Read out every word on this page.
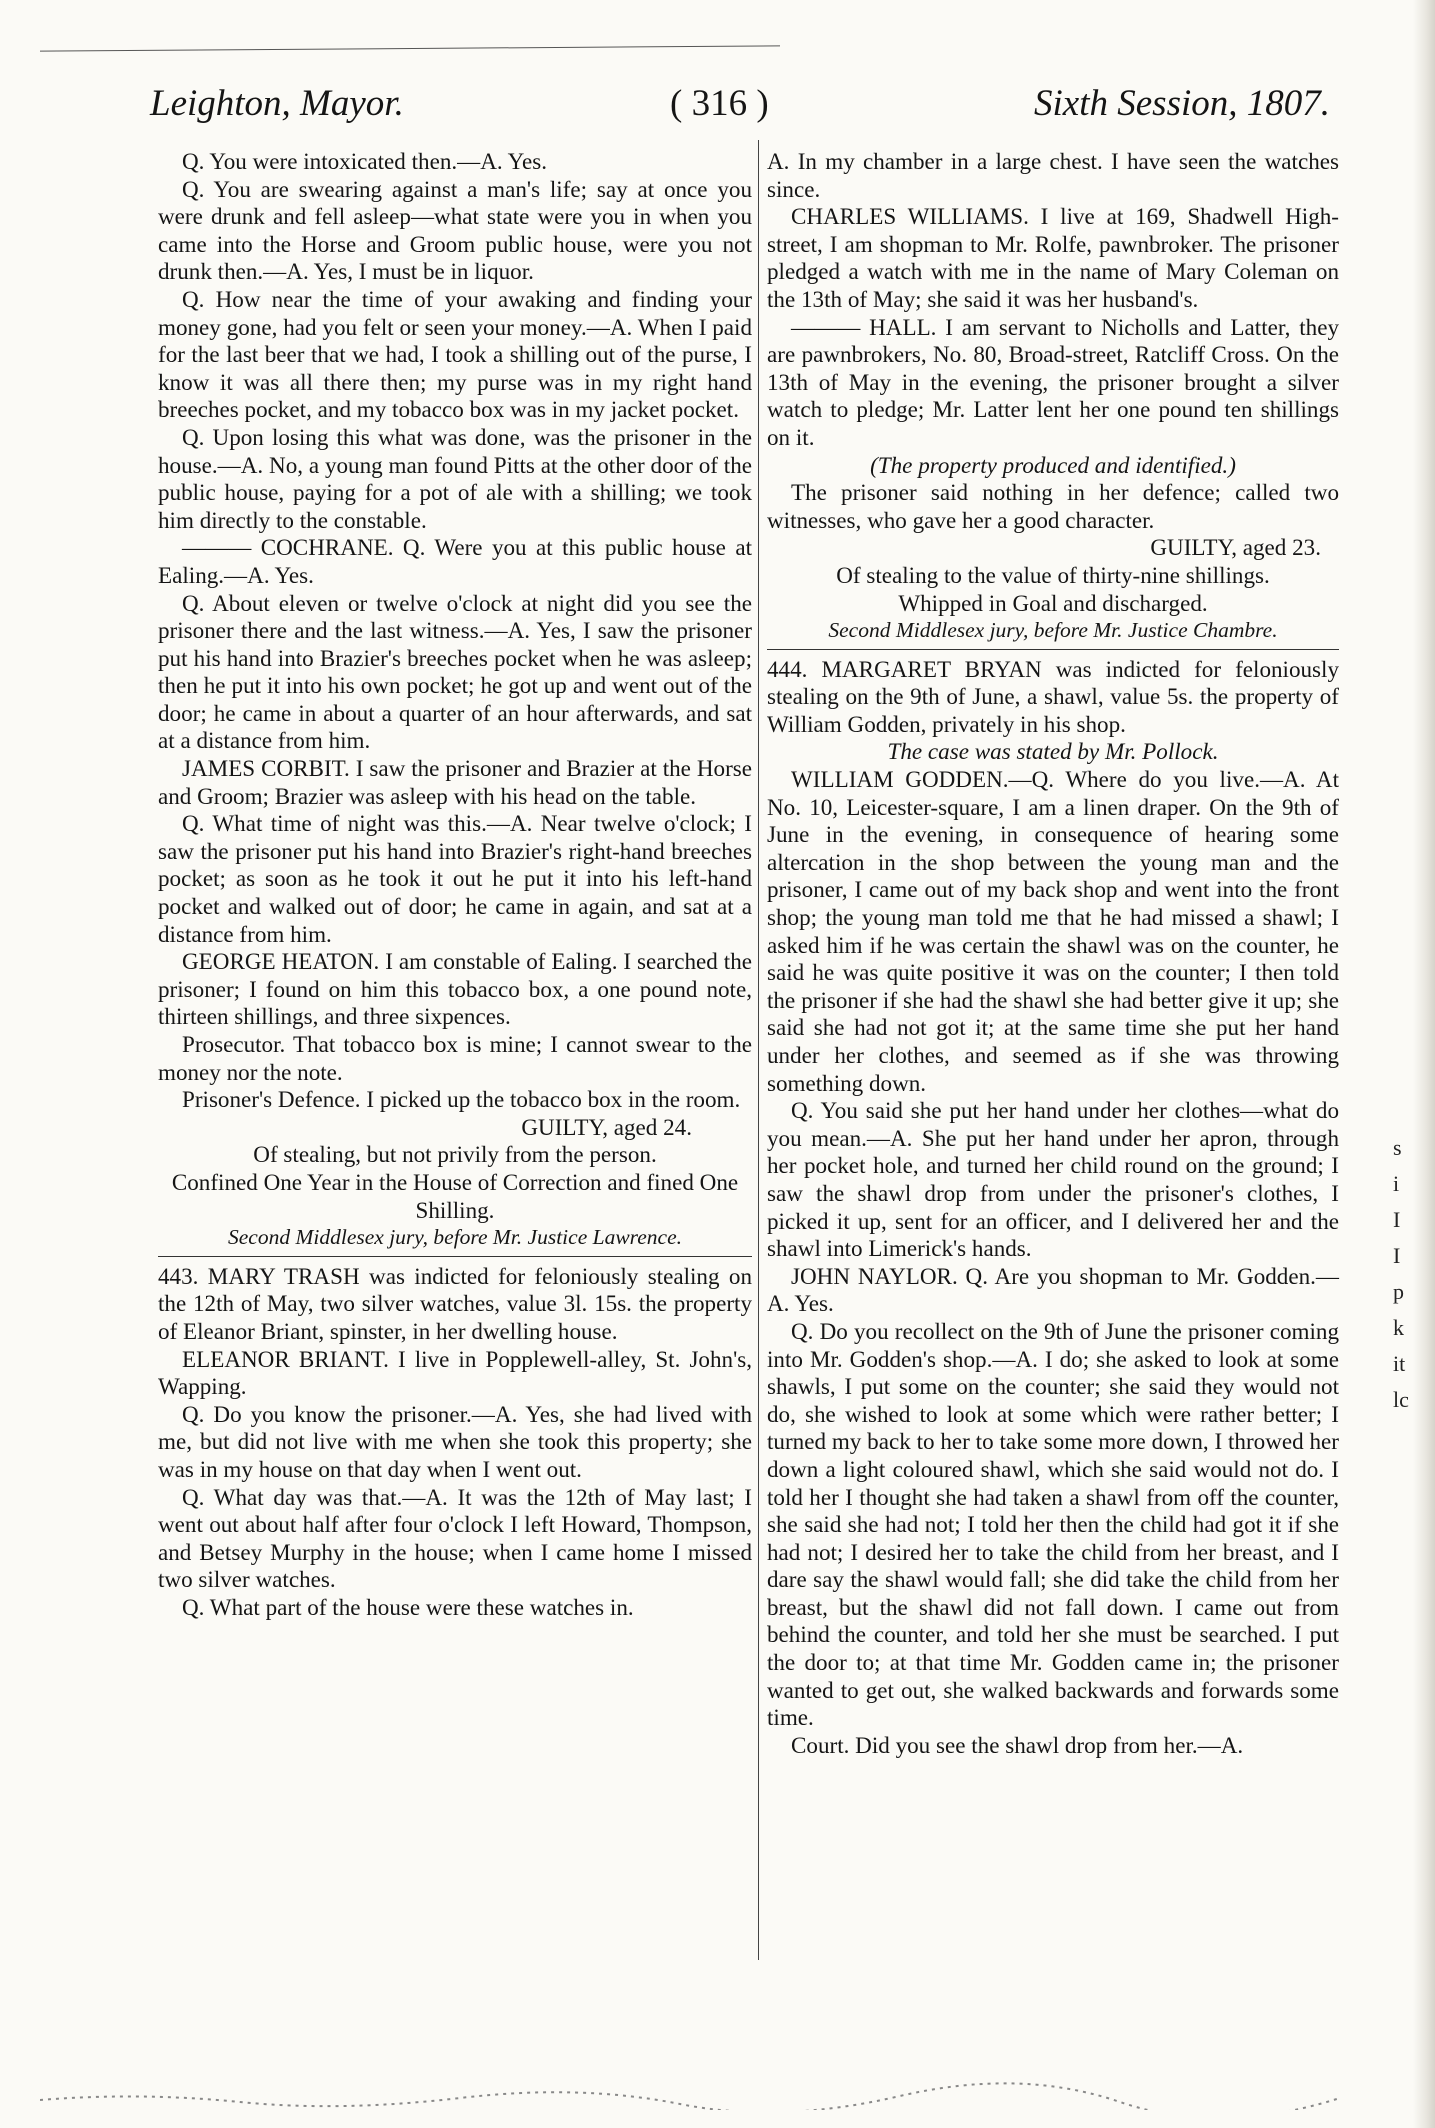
Leighton, Mayor.	( 316 )	Sixth Session, 1807.

Q. You were intoxicated then.—A. Yes.

Q. You are swearing against a man's life; say at once you were drunk and fell asleep—what state were you in when you came into the Horse and Groom public house, were you not drunk then.—A. Yes, I must be in liquor.

Q. How near the time of your awaking and finding your money gone, had you felt or seen your money.—A. When I paid for the last beer that we had, I took a shilling out of the purse, I know it was all there then; my purse was in my right hand breeches pocket, and my tobacco box was in my jacket pocket.

Q. Upon losing this what was done, was the prisoner in the house.—A. No, a young man found Pitts at the other door of the public house, paying for a pot of ale with a shilling; we took him directly to the constable.

——— COCHRANE. Q. Were you at this public house at Ealing.—A. Yes.

Q. About eleven or twelve o'clock at night did you see the prisoner there and the last witness.—A. Yes, I saw the prisoner put his hand into Brazier's breeches pocket when he was asleep; then he put it into his own pocket; he got up and went out of the door; he came in about a quarter of an hour afterwards, and sat at a distance from him.

JAMES CORBIT. I saw the prisoner and Brazier at the Horse and Groom; Brazier was asleep with his head on the table.

Q. What time of night was this.—A. Near twelve o'clock; I saw the prisoner put his hand into Brazier's right-hand breeches pocket; as soon as he took it out he put it into his left-hand pocket and walked out of door; he came in again, and sat at a distance from him.

GEORGE HEATON. I am constable of Ealing. I searched the prisoner; I found on him this tobacco box, a one pound note, thirteen shillings, and three sixpences.

Prosecutor. That tobacco box is mine; I cannot swear to the money nor the note.

Prisoner's Defence. I picked up the tobacco box in the room.

GUILTY, aged 24.

Of stealing, but not privily from the person.

Confined One Year in the House of Correction and fined One Shilling.

Second Middlesex jury, before Mr. Justice Lawrence.

443. MARY TRASH was indicted for feloniously stealing on the 12th of May, two silver watches, value 3l. 15s. the property of Eleanor Briant, spinster, in her dwelling house.

ELEANOR BRIANT. I live in Popplewell-alley, St. John's, Wapping.

Q. Do you know the prisoner.—A. Yes, she had lived with me, but did not live with me when she took this property; she was in my house on that day when I went out.

Q. What day was that.—A. It was the 12th of May last; I went out about half after four o'clock I left Howard, Thompson, and Betsey Murphy in the house; when I came home I missed two silver watches.

Q. What part of the house were these watches in.

A. In my chamber in a large chest. I have seen the watches since.

CHARLES WILLIAMS. I live at 169, Shadwell High-street, I am shopman to Mr. Rolfe, pawnbroker. The prisoner pledged a watch with me in the name of Mary Coleman on the 13th of May; she said it was her husband's.

——— HALL. I am servant to Nicholls and Latter, they are pawnbrokers, No. 80, Broad-street, Ratcliff Cross. On the 13th of May in the evening, the prisoner brought a silver watch to pledge; Mr. Latter lent her one pound ten shillings on it.

(The property produced and identified.)

The prisoner said nothing in her defence; called two witnesses, who gave her a good character.

GUILTY, aged 23.

Of stealing to the value of thirty-nine shillings.

Whipped in Goal and discharged.

Second Middlesex jury, before Mr. Justice Chambre.

444. MARGARET BRYAN was indicted for feloniously stealing on the 9th of June, a shawl, value 5s. the property of William Godden, privately in his shop.

The case was stated by Mr. Pollock.

WILLIAM GODDEN.—Q. Where do you live.—A. At No. 10, Leicester-square, I am a linen draper. On the 9th of June in the evening, in consequence of hearing some altercation in the shop between the young man and the prisoner, I came out of my back shop and went into the front shop; the young man told me that he had missed a shawl; I asked him if he was certain the shawl was on the counter, he said he was quite positive it was on the counter; I then told the prisoner if she had the shawl she had better give it up; she said she had not got it; at the same time she put her hand under her clothes, and seemed as if she was throwing something down.

Q. You said she put her hand under her clothes—what do you mean.—A. She put her hand under her apron, through her pocket hole, and turned her child round on the ground; I saw the shawl drop from under the prisoner's clothes, I picked it up, sent for an officer, and I delivered her and the shawl into Limerick's hands.

JOHN NAYLOR. Q. Are you shopman to Mr. Godden.—A. Yes.

Q. Do you recollect on the 9th of June the prisoner coming into Mr. Godden's shop.—A. I do; she asked to look at some shawls, I put some on the counter; she said they would not do, she wished to look at some which were rather better; I turned my back to her to take some more down, I throwed her down a light coloured shawl, which she said would not do. I told her I thought she had taken a shawl from off the counter, she said she had not; I told her then the child had got it if she had not; I desired her to take the child from her breast, and I dare say the shawl would fall; she did take the child from her breast, but the shawl did not fall down. I came out from behind the counter, and told her she must be searched. I put the door to; at that time Mr. Godden came in; the prisoner wanted to get out, she walked backwards and forwards some time.

Court. Did you see the shawl drop from her.—A.

s
i
I
I
p
k
it
lc
